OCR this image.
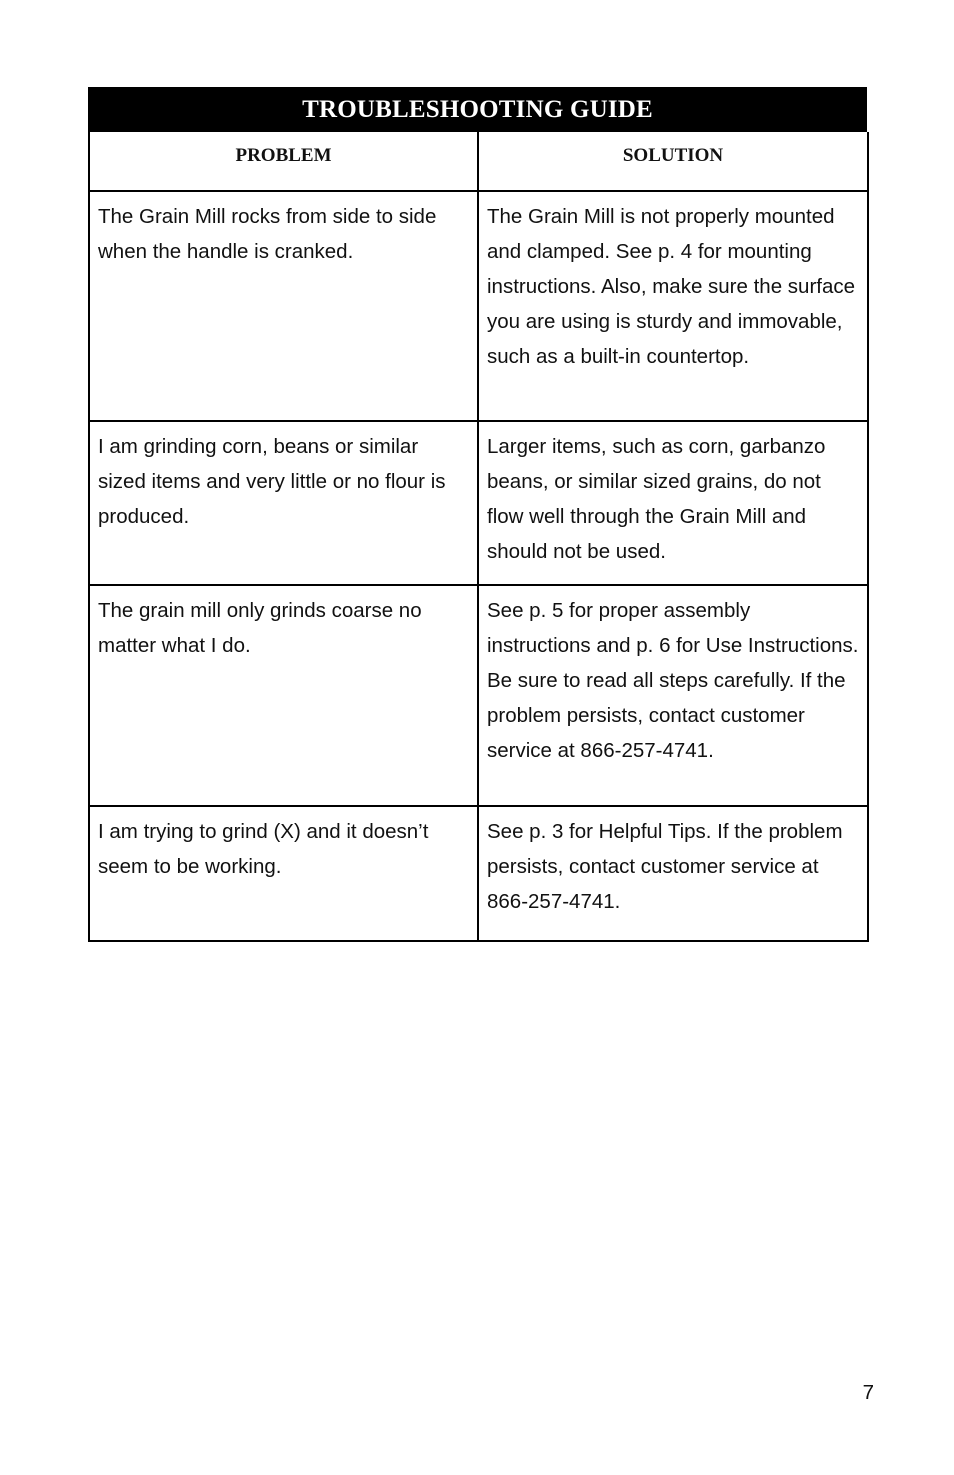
TROUBLESHOOTING GUIDE
PROBLEM	SOLUTION
The Grain Mill rocks from side to side when the handle is cranked.	The Grain Mill is not properly mounted and clamped. See p. 4 for mounting instructions. Also, make sure the surface you are using is sturdy and immovable, such as a built-in countertop.
I am grinding corn, beans or similar sized items and very little or no flour is produced.	Larger items, such as corn, garbanzo beans, or similar sized grains, do not flow well through the Grain Mill and should not be used.
The grain mill only grinds coarse no matter what I do.	See p. 5 for proper assembly instructions and p. 6 for Use Instructions. Be sure to read all steps carefully. If the problem persists, contact customer service at 866-257-4741.
I am trying to grind (X) and it doesn’t seem to be working.	See p. 3 for Helpful Tips. If the problem persists, contact customer service at 866-257-4741.
7
